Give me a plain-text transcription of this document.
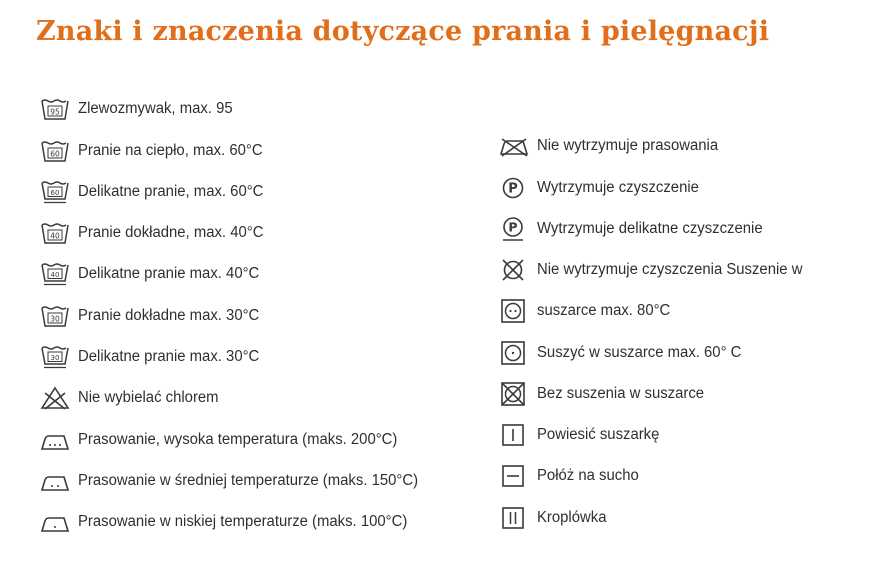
Znaki i znaczenia dotyczące prania i pielęgnacji
95 Zlewozmywak, max. 95
60 Pranie na ciepło, max. 60°C
60 Delikatne pranie, max. 60°C
40 Pranie dokładne, max. 40°C
40 Delikatne pranie max. 40°C
30 Pranie dokładne max. 30°C
30 Delikatne pranie max. 30°C
Nie wybielać chlorem
Prasowanie, wysoka temperatura (maks. 200°C)
Prasowanie w średniej temperaturze (maks. 150°C)
Prasowanie w niskiej temperaturze (maks. 100°C)
Nie wytrzymuje prasowania
P Wytrzymuje czyszczenie
P Wytrzymuje delikatne czyszczenie
Nie wytrzymuje czyszczenia Suszenie w
suszarce max. 80°C
Suszyć w suszarce max. 60° C
Bez suszenia w suszarce
Powiesić suszarkę
Połóż na sucho
Kroplówka
